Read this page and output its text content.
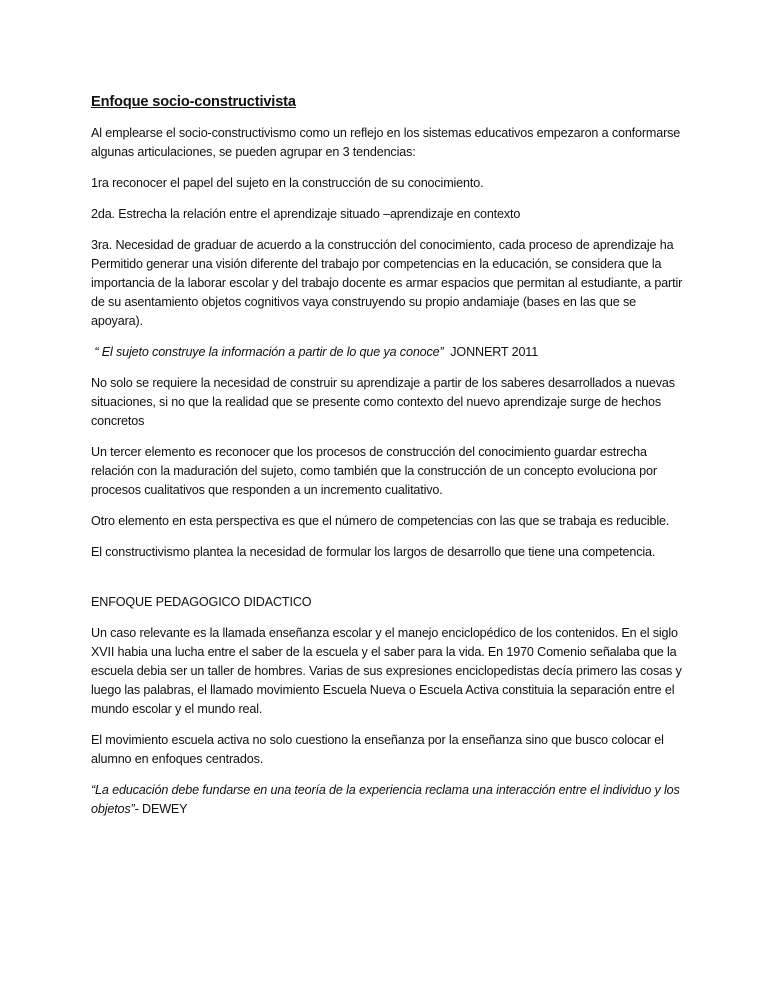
Enfoque socio-constructivista

Al emplearse el socio-constructivismo como un reflejo en los sistemas educativos empezaron a conformarse algunas articulaciones, se pueden agrupar en 3 tendencias:

1ra reconocer el papel del sujeto en la construcción de su conocimiento.

2da. Estrecha la relación entre el aprendizaje situado –aprendizaje en contexto

3ra. Necesidad de graduar de acuerdo a la construcción del conocimiento, cada proceso de aprendizaje ha Permitido generar una visión diferente del trabajo por competencias en la educación, se considera que la importancia de la laborar escolar y del trabajo docente es armar espacios que permitan al estudiante, a partir de su asentamiento objetos cognitivos vaya construyendo su propio andamiaje (bases en las que se apoyara).

“ El sujeto construye la información a partir de lo que ya conoce” JONNERT 2011

No solo se requiere la necesidad de construir su aprendizaje a partir de los saberes desarrollados a nuevas situaciones, si no que la realidad que se presente como contexto del nuevo aprendizaje surge de hechos concretos

Un tercer elemento es reconocer que los procesos de construcción del conocimiento guardar estrecha relación con la maduración del sujeto, como también que la construcción de un concepto evoluciona por procesos cualitativos que responden a un incremento cualitativo.

Otro elemento en esta perspectiva es que el número de competencias con las que se trabaja es reducible.

El constructivismo plantea la necesidad de formular los largos de desarrollo que tiene una competencia.

ENFOQUE PEDAGOGICO DIDACTICO

Un caso relevante es la llamada enseñanza escolar y el manejo enciclopédico de los contenidos. En el siglo XVII habia una lucha entre el saber de la escuela y el saber para la vida. En 1970 Comenio señalaba que la escuela debia ser un taller de hombres. Varias de sus expresiones enciclopedistas decía primero las cosas y luego las palabras, el llamado movimiento Escuela Nueva o Escuela Activa constituia la separación entre el mundo escolar y el mundo real.

El movimiento escuela activa no solo cuestiono la enseñanza por la enseñanza sino que busco colocar el alumno en enfoques centrados.

“La educación debe fundarse en una teoría de la experiencia reclama una interacción entre el individuo y los objetos”- DEWEY
